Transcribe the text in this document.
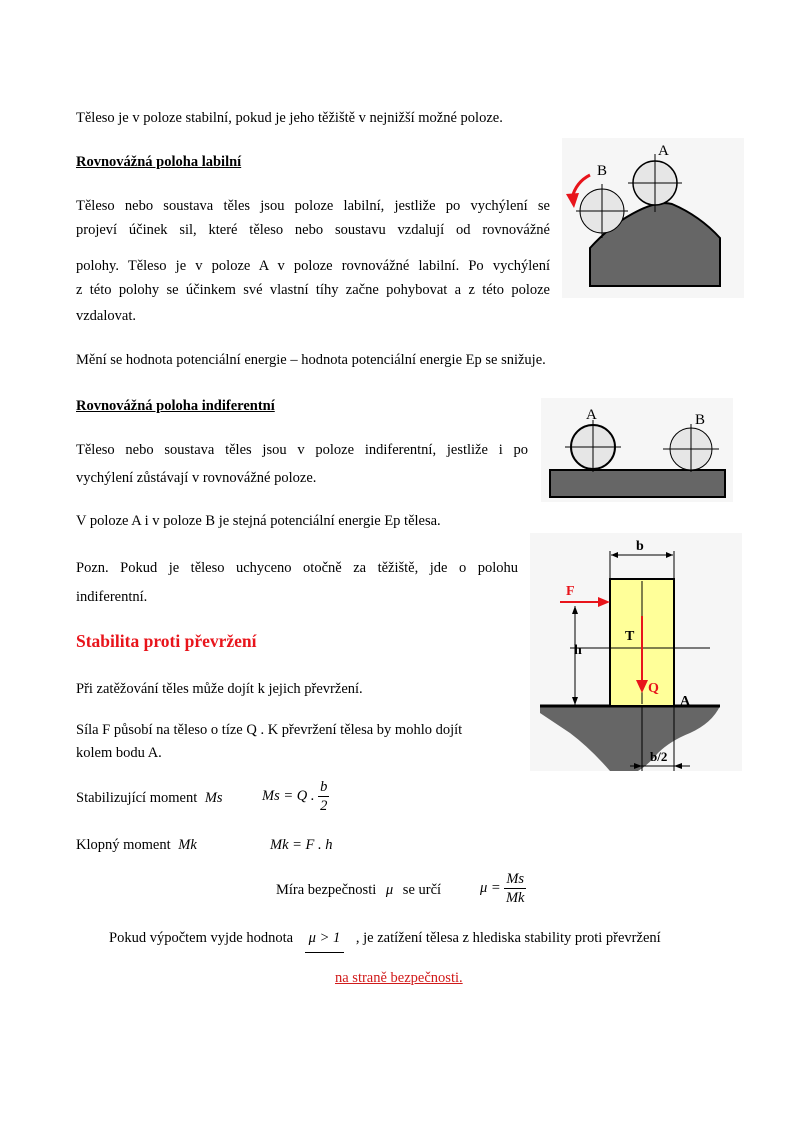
Těleso je v poloze stabilní, pokud je jeho těžiště v nejnižší možné poloze.
Rovnovážná poloha labilní
Těleso nebo soustava těles jsou poloze labilní, jestliže po vychýlení se
projeví účinek sil, které těleso nebo soustavu vzdalují od rovnovážné
polohy. Těleso je v poloze A v poloze rovnovážné labilní. Po vychýlení
z této polohy se účinkem své vlastní tíhy začne pohybovat a z této poloze
vzdalovat.
Mění se hodnota potenciální energie – hodnota potenciální energie Ep se snižuje.
A
B
Rovnovážná poloha indiferentní
Těleso nebo soustava těles jsou v poloze indiferentní, jestliže i po
vychýlení zůstávají v rovnovážné poloze.
V poloze A i v poloze B je stejná potenciální energie Ep tělesa.
Pozn. Pokud je těleso uchyceno otočně za těžiště, jde o polohu
indiferentní.
A	B
Stabilita proti převržení
Při zatěžování těles může dojít k jejich převržení.
Síla F působí na těleso o tíze Q . K převržení tělesa by mohlo dojít
kolem bodu A.
Stabilizující moment Ms	Ms = Q . $\frac{b}{2}$
Klopný moment Mk	Mk = F . h
Míra bezpečnosti μ se určí	$\mu = \frac{Ms}{Mk}$
Pokud výpočtem vyjde hodnota μ > 1 , je zatížení tělesa z hlediska stability proti převržení
na straně bezpečnosti.
b
F
T
h
Q
A
b/2
